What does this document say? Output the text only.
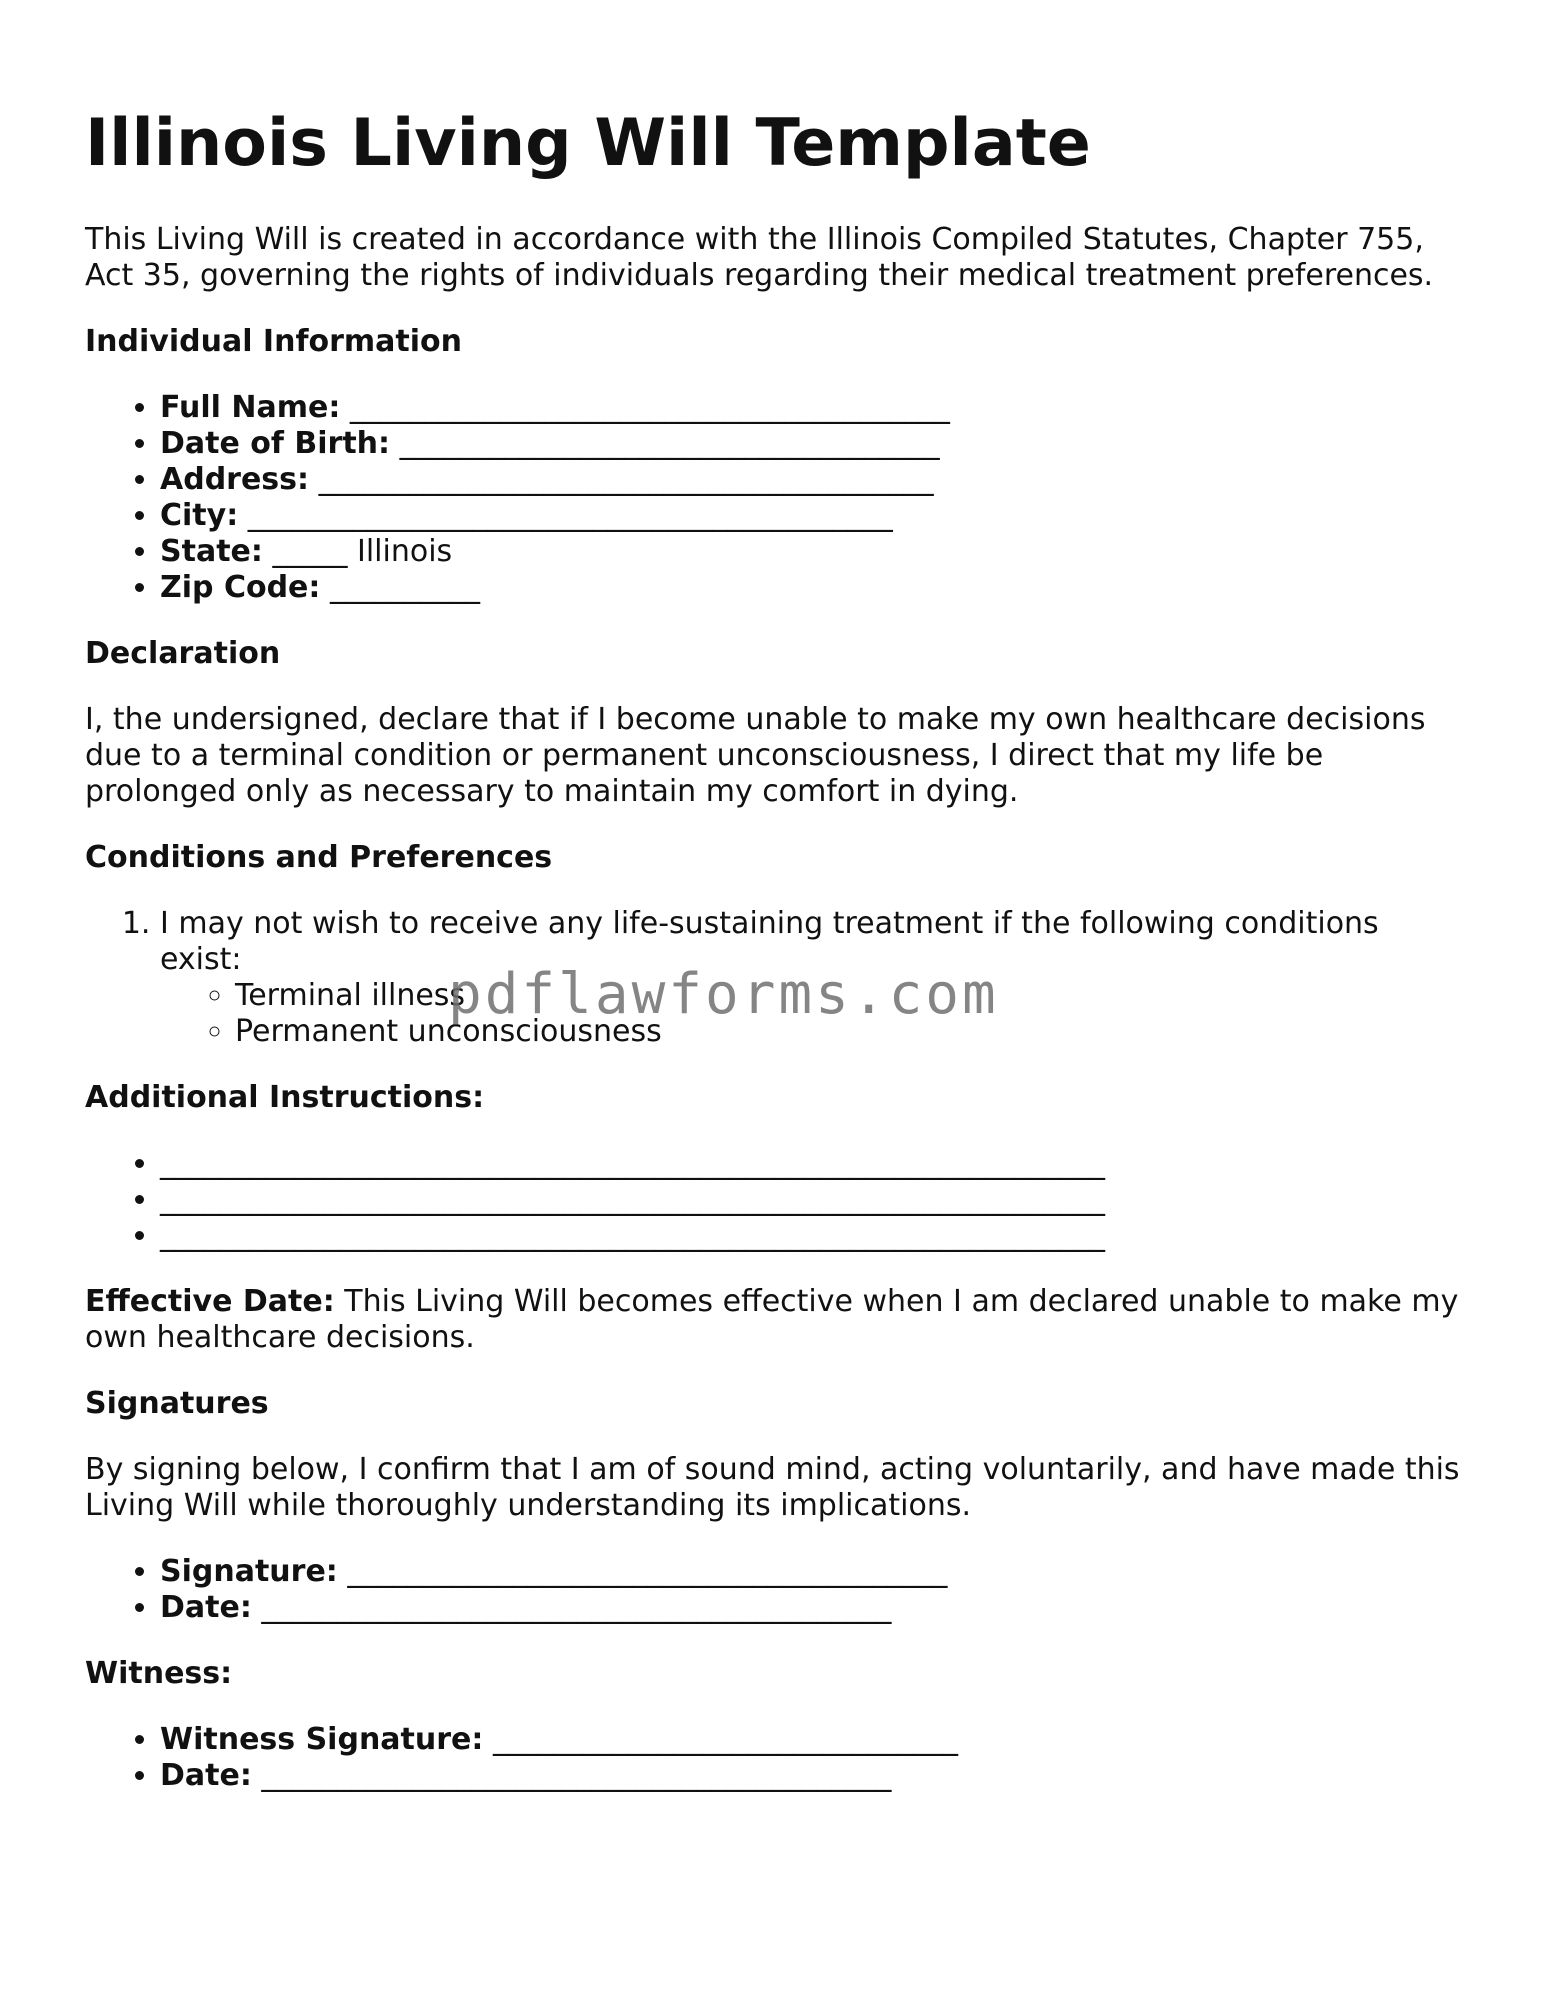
Illinois Living Will Template

This Living Will is created in accordance with the Illinois Compiled Statutes, Chapter 755, Act 35, governing the rights of individuals regarding their medical treatment preferences.

Individual Information
• Full Name: ________________________________________
• Date of Birth: ____________________________________
• Address: _________________________________________
• City: ___________________________________________
• State: _____ Illinois
• Zip Code: __________
Declaration

I, the undersigned, declare that if I become unable to make my own healthcare decisions due to a terminal condition or permanent unconsciousness, I direct that my life be prolonged only as necessary to maintain my comfort in dying.

Conditions and Preferences
1. I may not wish to receive any life-sustaining treatment if the following conditions exist:
◦ Terminal illness
◦ Permanent unconsciousness
Additional Instructions:
• _______________________________________________________________
• _______________________________________________________________
• _______________________________________________________________

Effective Date: This Living Will becomes effective when I am declared unable to make my own healthcare decisions.

Signatures

By signing below, I confirm that I am of sound mind, acting voluntarily, and have made this Living Will while thoroughly understanding its implications.

• Signature: ________________________________________
• Date: __________________________________________
Witness:
• Witness Signature: _______________________________
• Date: __________________________________________
pdflawforms.com
